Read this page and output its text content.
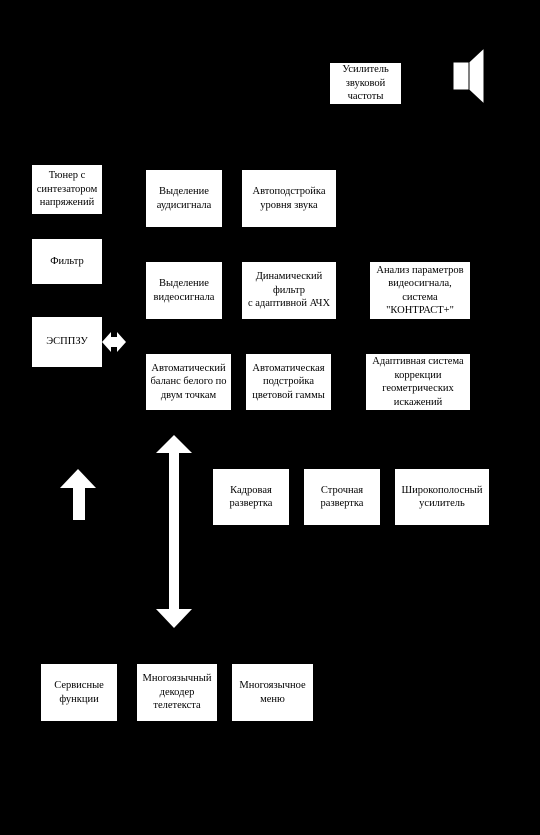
Усилитель
звуковой
частоты
Тюнер с
синтезатором
напряжений
Выделение
аудисигнала
Автоподстройка
уровня звука
Фильтр
Выделение
видеосигнала
Динамический
фильтр
с адаптивной АЧХ
Анализ параметров
видеосигнала,
система
"КОНТРАСТ+"
ЭСППЗУ
Автоматический
баланс белого по
двум точкам
Автоматическая
подстройка
цветовой гаммы
Адаптивная система
коррекции
геометрических
искажений
Кадровая
развертка
Строчная
развертка
Широкополосный
усилитель
Сервисные
функции
Многоязычный
декодер
телетекста
Многоязычное
меню
